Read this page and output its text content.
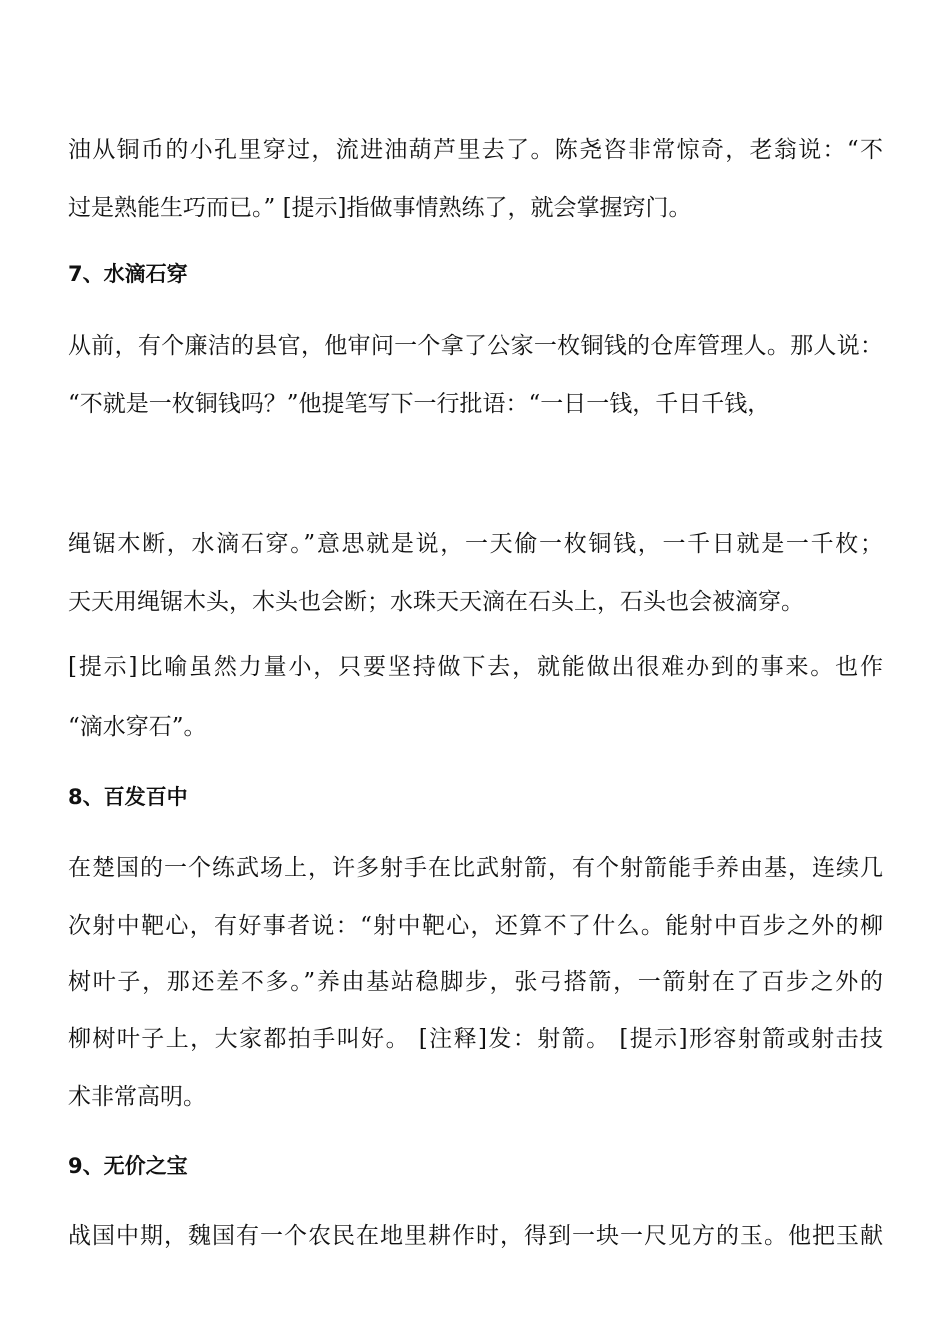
油从铜币的小孔里穿过，流进油葫芦里去了。陈尧咨非常惊奇，老翁说：“不
过是熟能生巧而已。” [提示]指做事情熟练了，就会掌握窍门。
7、水滴石穿
从前，有个廉洁的县官，他审问一个拿了公家一枚铜钱的仓库管理人。那人说：
“不就是一枚铜钱吗？”他提笔写下一行批语：“一日一钱，千日千钱，
绳锯木断，水滴石穿。”意思就是说，一天偷一枚铜钱，一千日就是一千枚；
天天用绳锯木头，木头也会断；水珠天天滴在石头上，石头也会被滴穿。
[提示]比喻虽然力量小，只要坚持做下去，就能做出很难办到的事来。也作
“滴水穿石”。
8、百发百中
在楚国的一个练武场上，许多射手在比武射箭，有个射箭能手养由基，连续几
次射中靶心，有好事者说：“射中靶心，还算不了什么。能射中百步之外的柳
树叶子，那还差不多。”养由基站稳脚步，张弓搭箭，一箭射在了百步之外的
柳树叶子上，大家都拍手叫好。 [注释]发：射箭。 [提示]形容射箭或射击技
术非常高明。
9、无价之宝
战国中期，魏国有一个农民在地里耕作时，得到一块一尺见方的玉。他把玉献
